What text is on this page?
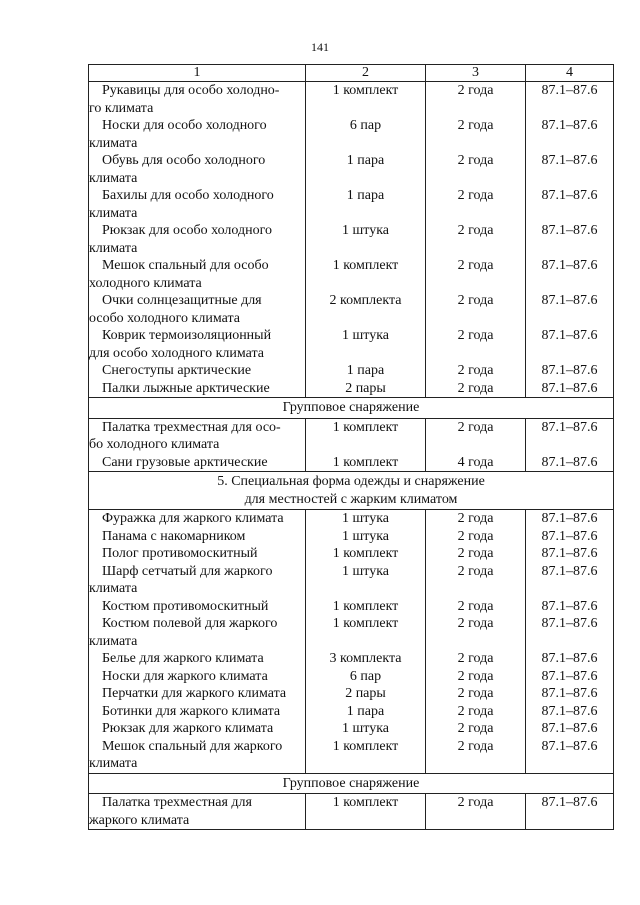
141
1	2	3	4

Рукавицы для особо холодно-
го климата	1 комплект	2 года	87.1–87.6

Носки для особо холодного
климата	6 пар	2 года	87.1–87.6

Обувь для особо холодного
климата	1 пара	2 года	87.1–87.6

Бахилы для особо холодного
климата	1 пара	2 года	87.1–87.6

Рюкзак для особо холодного
климата	1 штука	2 года	87.1–87.6

Мешок спальный для особо
холодного климата	1 комплект	2 года	87.1–87.6

Очки солнцезащитные для
особо холодного климата	2 комплекта	2 года	87.1–87.6

Коврик термоизоляционный
для особо холодного климата	1 штука	2 года	87.1–87.6

Снегоступы арктические	1 пара	2 года	87.1–87.6

Палки лыжные арктические	2 пары	2 года	87.1–87.6

Групповое снаряжение			

Палатка трехместная для осо-
бо холодного климата	1 комплект	2 года	87.1–87.6

Сани грузовые арктические	1 комплект	4 года	87.1–87.6

5. Специальная форма одежды и снаряжение
для местностей с жарким климатом			

Фуражка для жаркого климата	1 штука	2 года	87.1–87.6

Панама с накомарником	1 штука	2 года	87.1–87.6

Полог противомоскитный	1 комплект	2 года	87.1–87.6

Шарф сетчатый для жаркого
климата	1 штука	2 года	87.1–87.6

Костюм противомоскитный	1 комплект	2 года	87.1–87.6

Костюм полевой для жаркого
климата	1 комплект	2 года	87.1–87.6

Белье для жаркого климата	3 комплекта	2 года	87.1–87.6

Носки для жаркого климата	6 пар	2 года	87.1–87.6

Перчатки для жаркого климата	2 пары	2 года	87.1–87.6

Ботинки для жаркого климата	1 пара	2 года	87.1–87.6

Рюкзак для жаркого климата	1 штука	2 года	87.1–87.6

Мешок спальный для жаркого
климата	1 комплект	2 года	87.1–87.6

Групповое снаряжение			

Палатка трехместная для
жаркого климата	1 комплект	2 года	87.1–87.6
